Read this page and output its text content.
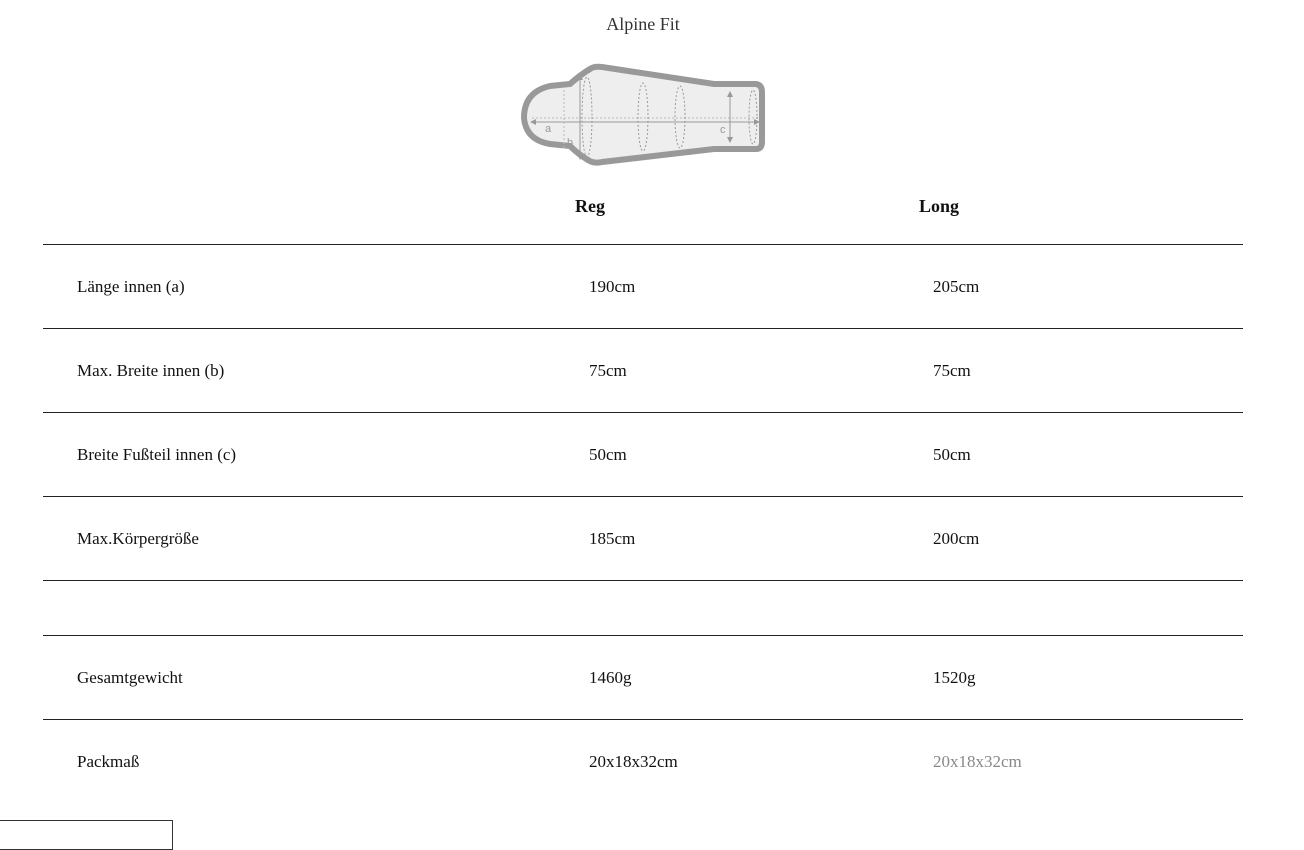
Alpine Fit
a
b
c
Reg	Long
Länge innen (a)	190cm	205cm
Max. Breite innen (b)	75cm	75cm
Breite Fußteil innen (c)	50cm	50cm
Max.Körpergröße	185cm	200cm
Gesamtgewicht	1460g	1520g
Packmaß	20x18x32cm	20x18x32cm
